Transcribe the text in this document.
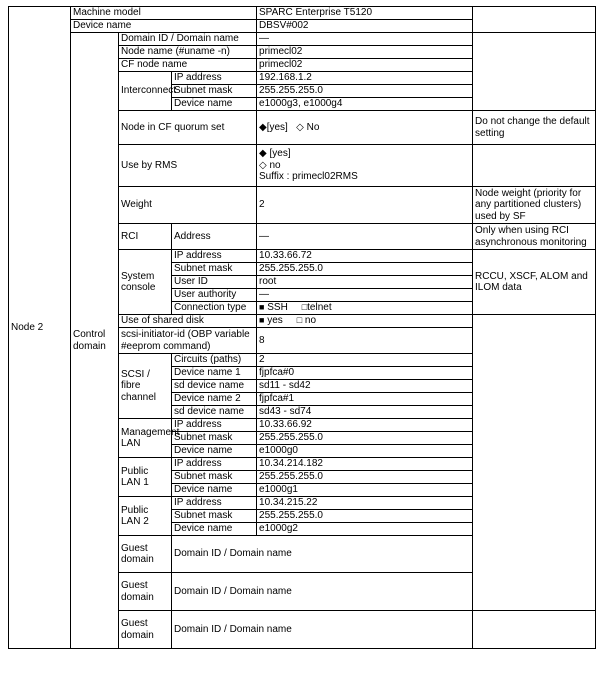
Node 2	Machine model			SPARC Enterprise T5120		
	Device name			DBSV#002		
	Control domain	Domain ID / Domain name		—		
		Node name (#uname -n)		primecl02		
		CF node name		primecl02		
		Interconnect	IP address	192.168.1.2		
			Subnet mask	255.255.255.0		
			Device name	e1000g3, e1000g4		
		Node in CF quorum set		◆[yes] ◇ No	Do not change the default setting	
		Use by RMS		◆ [yes]
◇ no
Suffix : primecl02RMS		

		Weight		2	Node weight (priority for any partitioned clusters) used by SF	
		RCI	Address	—	Only when using RCI asynchronous monitoring	
		System console	IP address	10.33.66.72	RCCU, XSCF, ALOM and ILOM data	
			Subnet mask	255.255.255.0		
			User ID	root		
			User authority	—		
			Connection type	■ SSH □telnet		
		Use of shared disk		■ yes □ no		
		scsi-initiator-id (OBP variable #eeprom command)		8		
		SCSI / fibre channel	Circuits (paths)	2		
			Device name 1	fjpfca#0		
			sd device name	sd11 - sd42		
			Device name 2	fjpfca#1		
			sd device name	sd43 - sd74		
		Management LAN	IP address	10.33.66.92		
			Subnet mask	255.255.255.0		
			Device name	e1000g0		
		Public LAN 1	IP address	10.34.214.182		
			Subnet mask	255.255.255.0		
			Device name	e1000g1		
		Public LAN 2	IP address	10.34.215.22		
			Subnet mask	255.255.255.0		
			Device name	e1000g2		
		Guest domain	Domain ID / Domain name		
		Guest domain	Domain ID / Domain name			
		Guest domain	Domain ID / Domain name			
